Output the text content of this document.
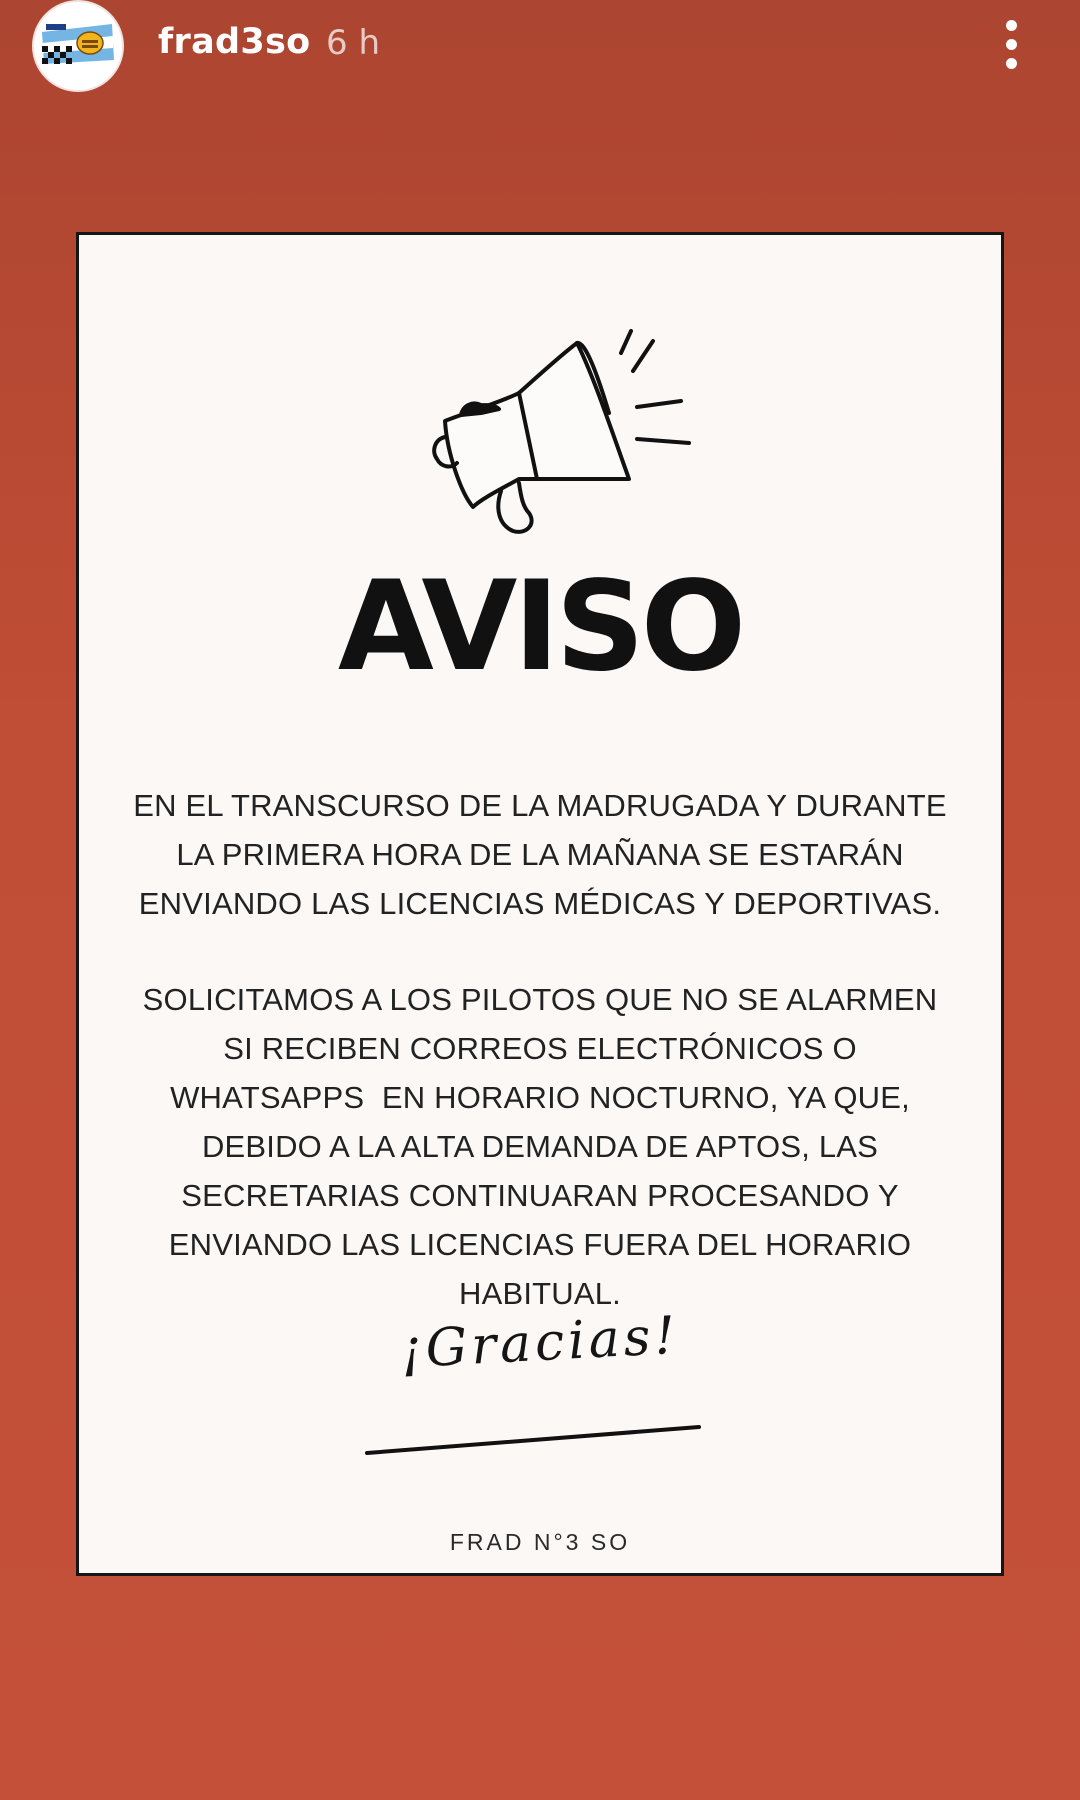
frad3so 6 h
AVISO
EN EL TRANSCURSO DE LA MADRUGADA Y DURANTE
LA PRIMERA HORA DE LA MAÑANA SE ESTARÁN
ENVIANDO LAS LICENCIAS MÉDICAS Y DEPORTIVAS.
SOLICITAMOS A LOS PILOTOS QUE NO SE ALARMEN
SI RECIBEN CORREOS ELECTRÓNICOS O
WHATSAPPS  EN HORARIO NOCTURNO, YA QUE,
DEBIDO A LA ALTA DEMANDA DE APTOS, LAS
SECRETARIAS CONTINUARAN PROCESANDO Y
ENVIANDO LAS LICENCIAS FUERA DEL HORARIO
HABITUAL.
¡Gracias!
FRAD N°3 SO
